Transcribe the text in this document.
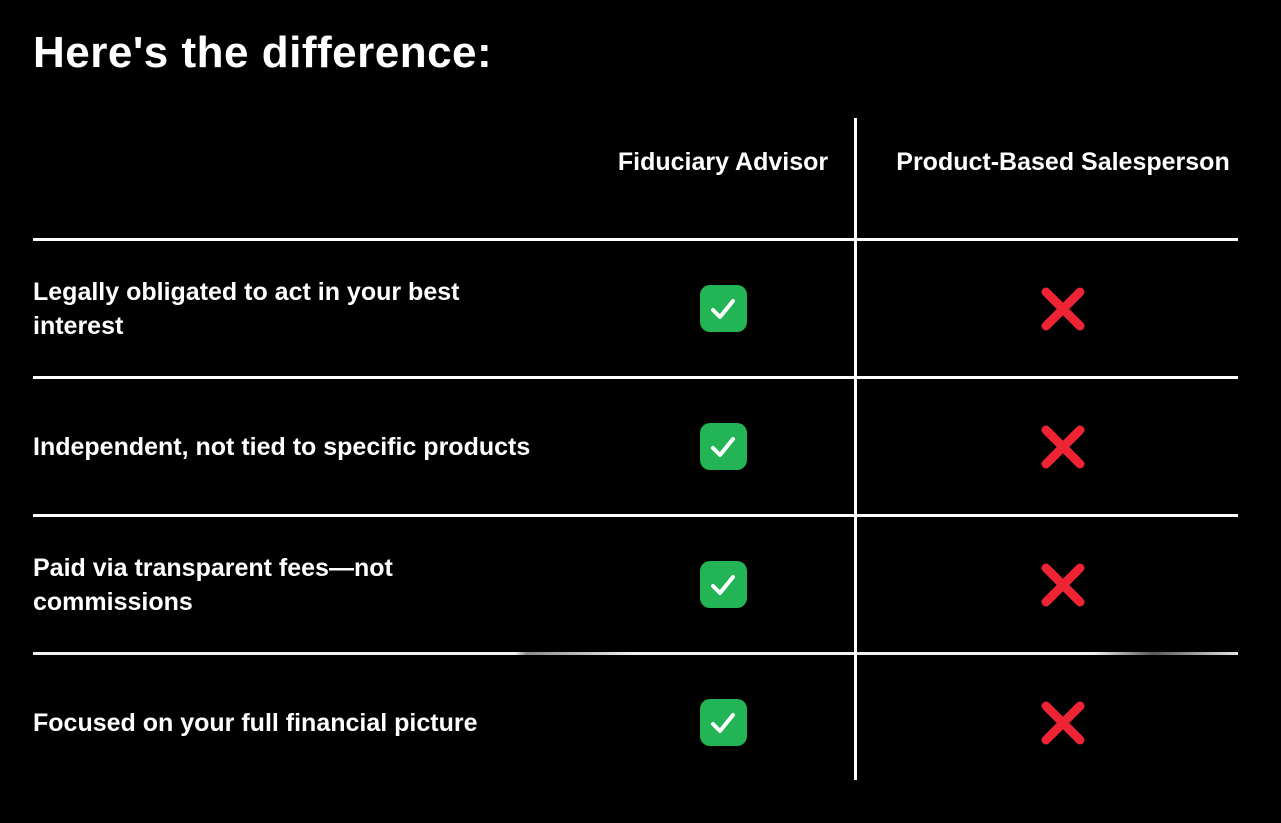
Here's the difference:
Fiduciary Advisor	Product-Based Salesperson
Legally obligated to act in your best interest
Independent, not tied to specific products
Paid via transparent fees—not commissions
Focused on your full financial picture
